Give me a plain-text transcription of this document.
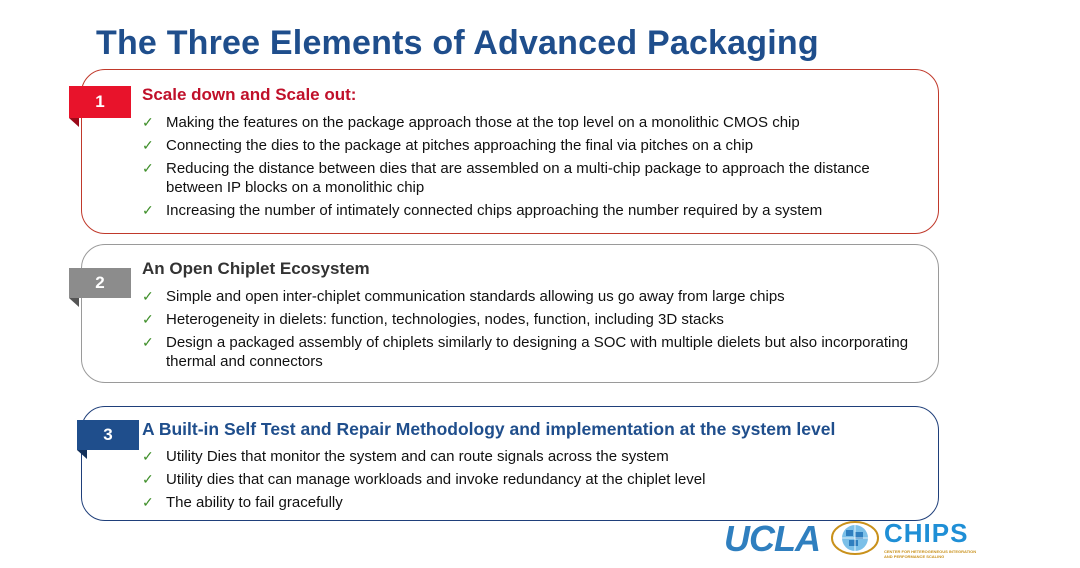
The Three Elements of Advanced Packaging
1	Scale down and Scale out:
✓ Making the features on the package approach those at the top level on a monolithic CMOS chip
✓ Connecting the dies to the package at pitches approaching the final via pitches on a chip
✓ Reducing the distance between dies that are assembled on a multi-chip package to approach the distance between IP blocks on a monolithic chip
✓ Increasing the number of intimately connected chips approaching the number required by a system
2
An Open Chiplet Ecosystem
✓ Simple and open inter-chiplet communication standards allowing us go away from large chips
✓ Heterogeneity in dielets: function, technologies, nodes, function, including 3D stacks
✓ Design a packaged assembly of chiplets similarly to designing a SOC with multiple dielets but also incorporating thermal and connectors
3	A Built-in Self Test and Repair Methodology and implementation at the system level
✓ Utility Dies that monitor the system and can route signals across the system
✓ Utility dies that can manage workloads and invoke redundancy at the chiplet level
✓ The ability to fail gracefully
UCLA CHIPS
CENTER FOR HETEROGENEOUS INTEGRATION AND PERFORMANCE SCALING
